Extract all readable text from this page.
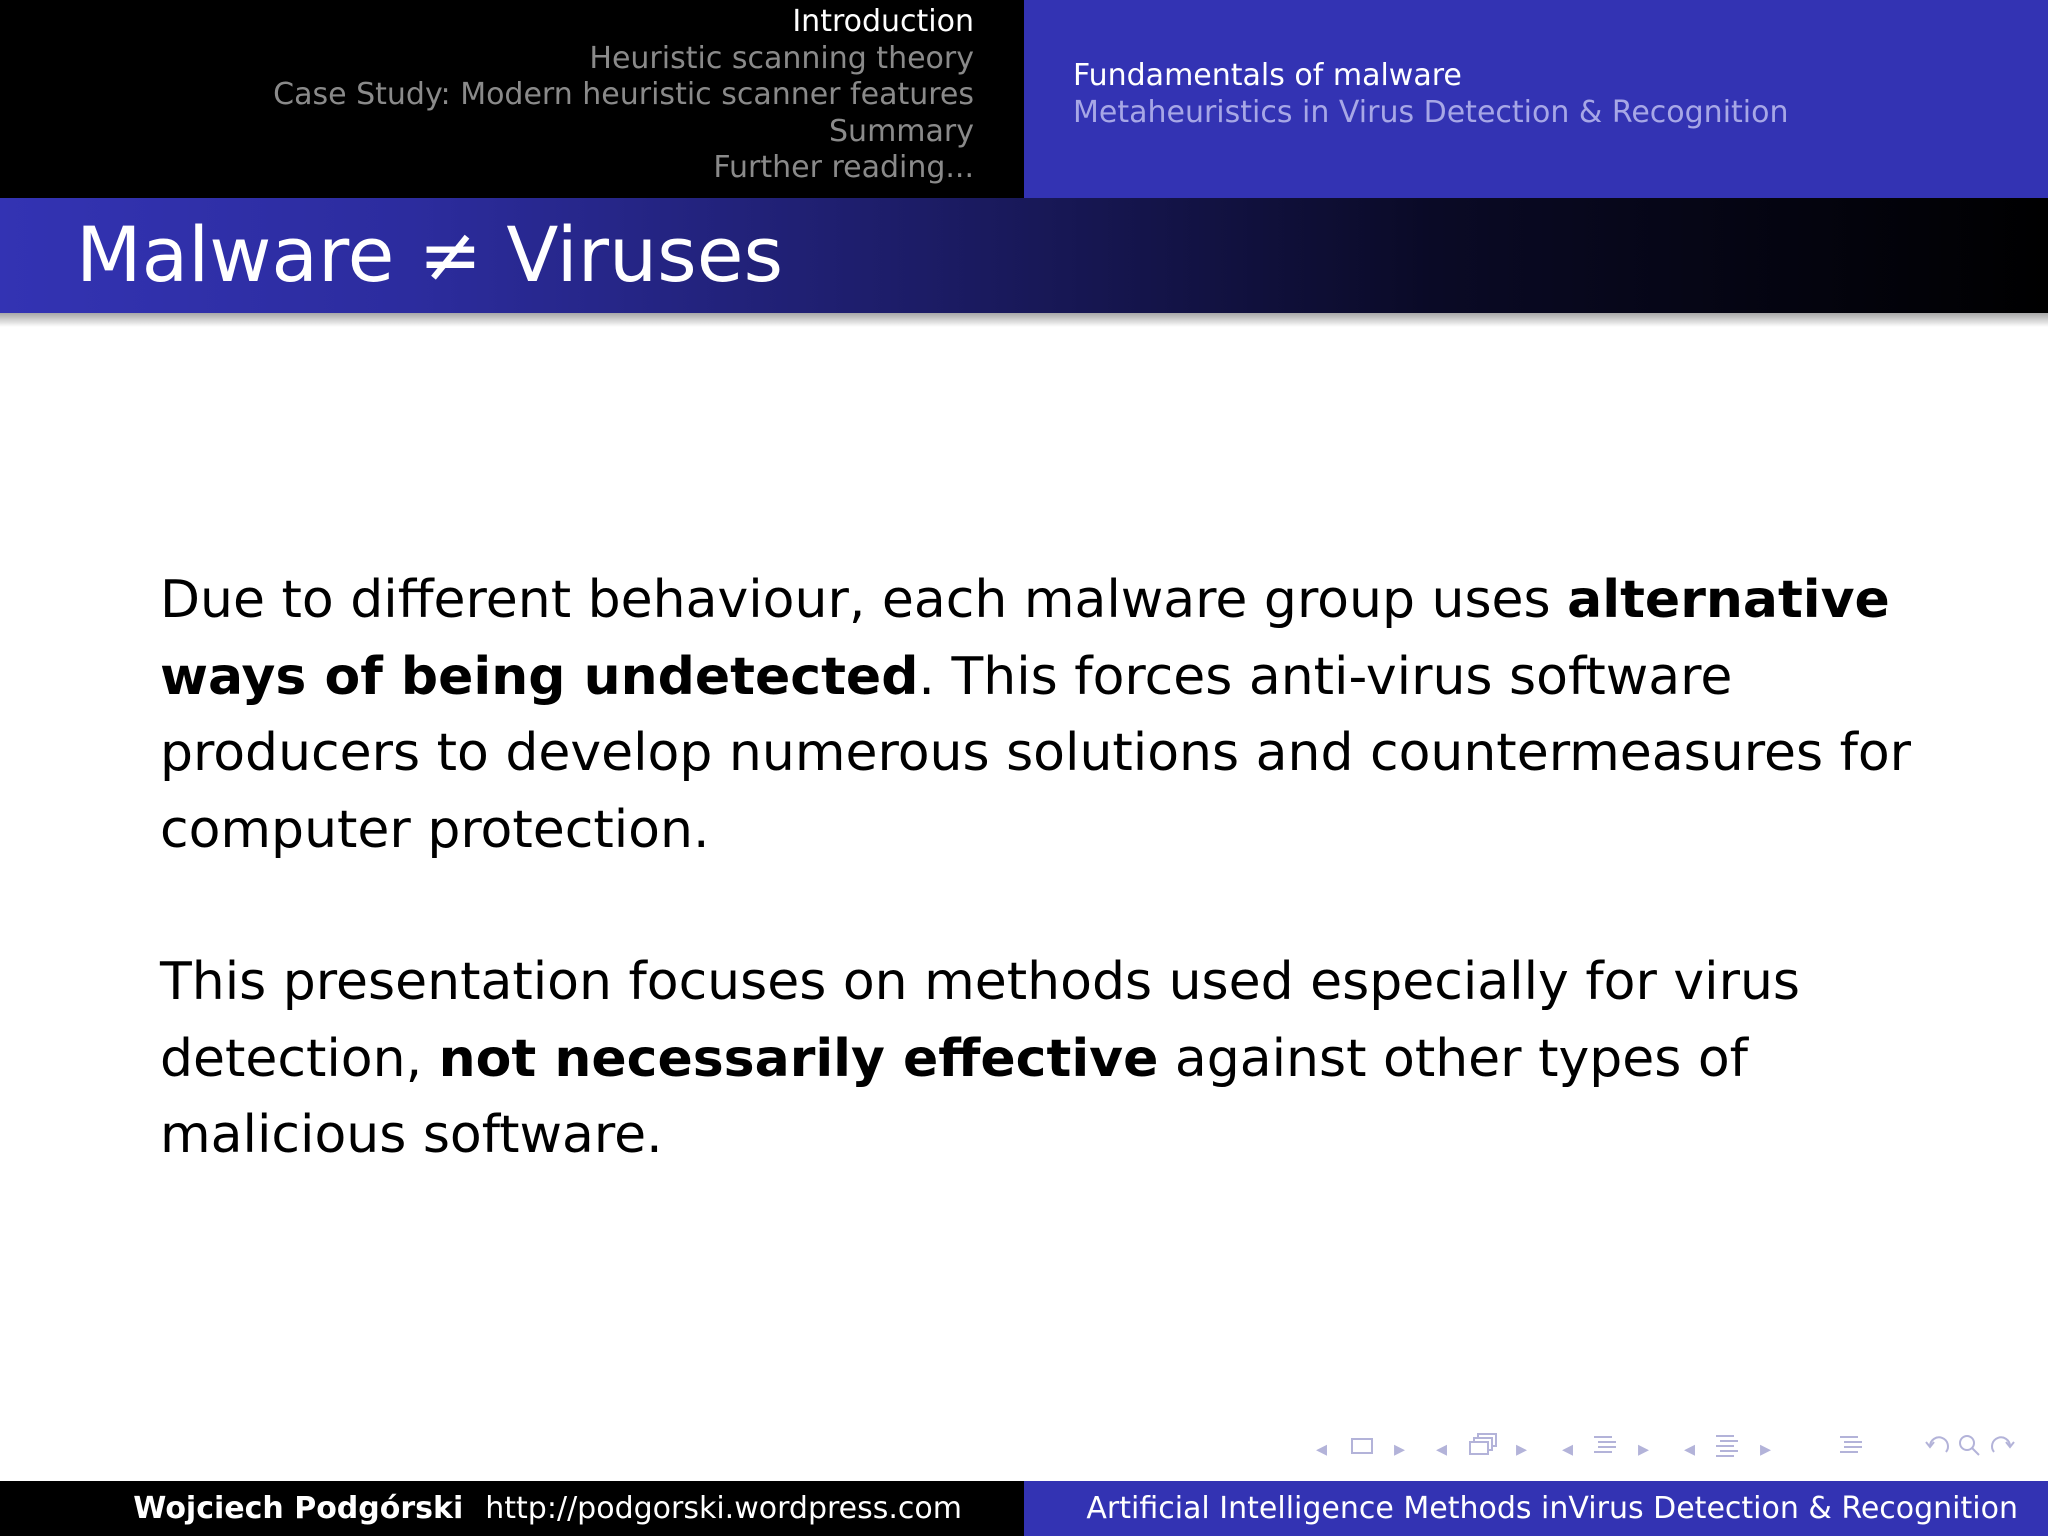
Introduction
Heuristic scanning theory
Case Study: Modern heuristic scanner features
Summary
Further reading...
Fundamentals of malware
Metaheuristics in Virus Detection & Recognition
Malware ≠ Viruses

Due to different behaviour, each malware group uses alternative ways of being undetected. This forces anti-virus software producers to develop numerous solutions and countermeasures for computer protection.

This presentation focuses on methods used especially for virus detection, not necessarily effective against other types of malicious software.

◂	▸ ◂	▸ ◂	▸ ◂	▸
Wojciech Podgórski http://podgorski.wordpress.com	Artificial Intelligence Methods inVirus Detection & Recognition
